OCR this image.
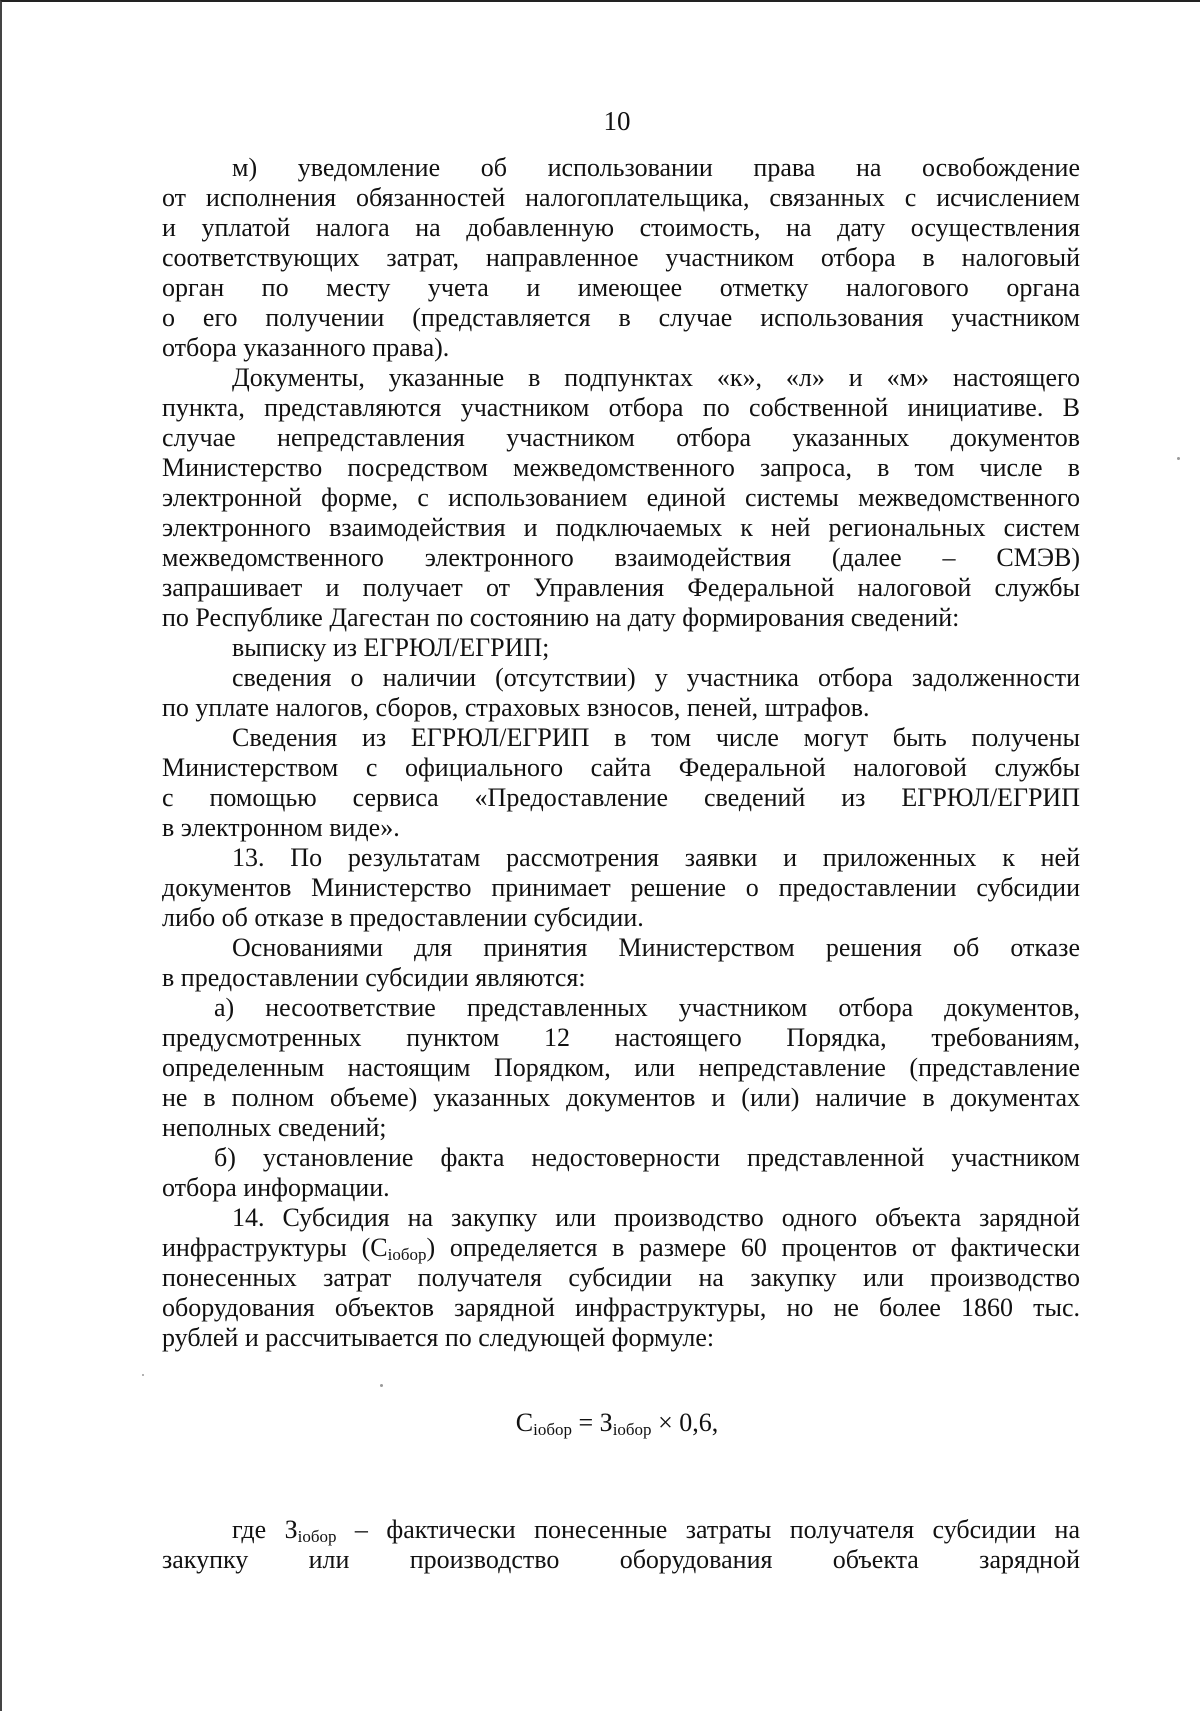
10
м) уведомление об использовании права на освобождение
от исполнения обязанностей налогоплательщика, связанных с исчислением
и уплатой налога на добавленную стоимость, на дату осуществления
соответствующих затрат, направленное участником отбора в налоговый
орган по месту учета и имеющее отметку налогового органа
о его получении (представляется в случае использования участником
отбора указанного права).
Документы, указанные в подпунктах «к», «л» и «м» настоящего
пункта, представляются участником отбора по собственной инициативе. В
случае непредставления участником отбора указанных документов
Министерство посредством межведомственного запроса, в том числе в
электронной форме, с использованием единой системы межведомственного
электронного взаимодействия и подключаемых к ней региональных систем
межведомственного электронного взаимодействия (далее – СМЭВ)
запрашивает и получает от Управления Федеральной налоговой службы
по Республике Дагестан по состоянию на дату формирования сведений:
выписку из ЕГРЮЛ/ЕГРИП;
сведения о наличии (отсутствии) у участника отбора задолженности
по уплате налогов, сборов, страховых взносов, пеней, штрафов.
Сведения из ЕГРЮЛ/ЕГРИП в том числе могут быть получены
Министерством с официального сайта Федеральной налоговой службы
с помощью сервиса «Предоставление сведений из ЕГРЮЛ/ЕГРИП
в электронном виде».
13. По результатам рассмотрения заявки и приложенных к ней
документов Министерство принимает решение о предоставлении субсидии
либо об отказе в предоставлении субсидии.
Основаниями для принятия Министерством решения об отказе
в предоставлении субсидии являются:
а) несоответствие представленных участником отбора документов,
предусмотренных пунктом 12 настоящего Порядка, требованиям,
определенным настоящим Порядком, или непредставление (представление
не в полном объеме) указанных документов и (или) наличие в документах
неполных сведений;
б) установление факта недостоверности представленной участником
отбора информации.
14. Субсидия на закупку или производство одного объекта зарядной
инфраструктуры $(C_{iобор})$ определяется в размере 60 процентов от фактически
понесенных затрат получателя субсидии на закупку или производство
оборудования объектов зарядной инфраструктуры, но не более 1860 тыс.
рублей и рассчитывается по следующей формуле:
$C_{iобор} = З_{iобор} \times 0,6$,
где $З_{iобор}$ – фактически понесенные затраты получателя субсидии на
закупку или производство оборудования объекта зарядной
